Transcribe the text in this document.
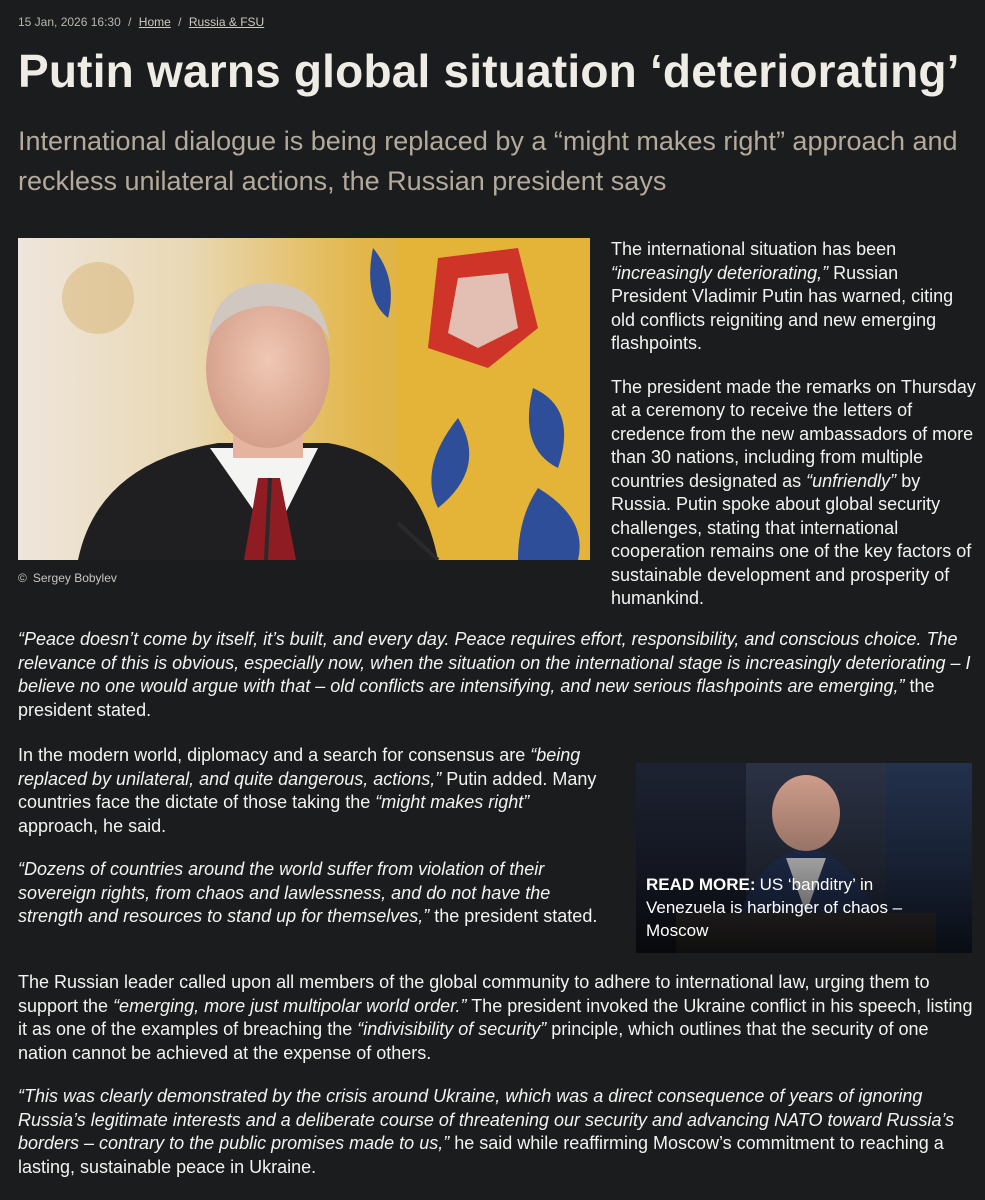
15 Jan, 2026 16:30 / Home / Russia & FSU
Putin warns global situation ‘deteriorating’

International dialogue is being replaced by a “might makes right” approach and reckless unilateral actions, the Russian president says

© Sergey Bobylev

The international situation has been “increasingly deteriorating,” Russian President Vladimir Putin has warned, citing old conflicts reigniting and new emerging flashpoints.

The president made the remarks on Thursday at a ceremony to receive the letters of credence from the new ambassadors of more than 30 nations, including from multiple countries designated as “unfriendly” by Russia. Putin spoke about global security challenges, stating that international cooperation remains one of the key factors of sustainable development and prosperity of humankind.

“Peace doesn’t come by itself, it’s built, and every day. Peace requires effort, responsibility, and conscious choice. The relevance of this is obvious, especially now, when the situation on the international stage is increasingly deteriorating – I believe no one would argue with that – old conflicts are intensifying, and new serious flashpoints are emerging,” the president stated.

In the modern world, diplomacy and a search for consensus are “being replaced by unilateral, and quite dangerous, actions,” Putin added. Many countries face the dictate of those taking the “might makes right” approach, he said.

“Dozens of countries around the world suffer from violation of their sovereign rights, from chaos and lawlessness, and do not have the strength and resources to stand up for themselves,” the president stated.

READ MORE: US ‘banditry’ in Venezuela is harbinger of chaos – Moscow

The Russian leader called upon all members of the global community to adhere to international law, urging them to support the “emerging, more just multipolar world order.” The president invoked the Ukraine conflict in his speech, listing it as one of the examples of breaching the “indivisibility of security” principle, which outlines that the security of one nation cannot be achieved at the expense of others.

“This was clearly demonstrated by the crisis around Ukraine, which was a direct consequence of years of ignoring Russia’s legitimate interests and a deliberate course of threatening our security and advancing NATO toward Russia’s borders – contrary to the public promises made to us,” he said while reaffirming Moscow’s commitment to reaching a lasting, sustainable peace in Ukraine.
